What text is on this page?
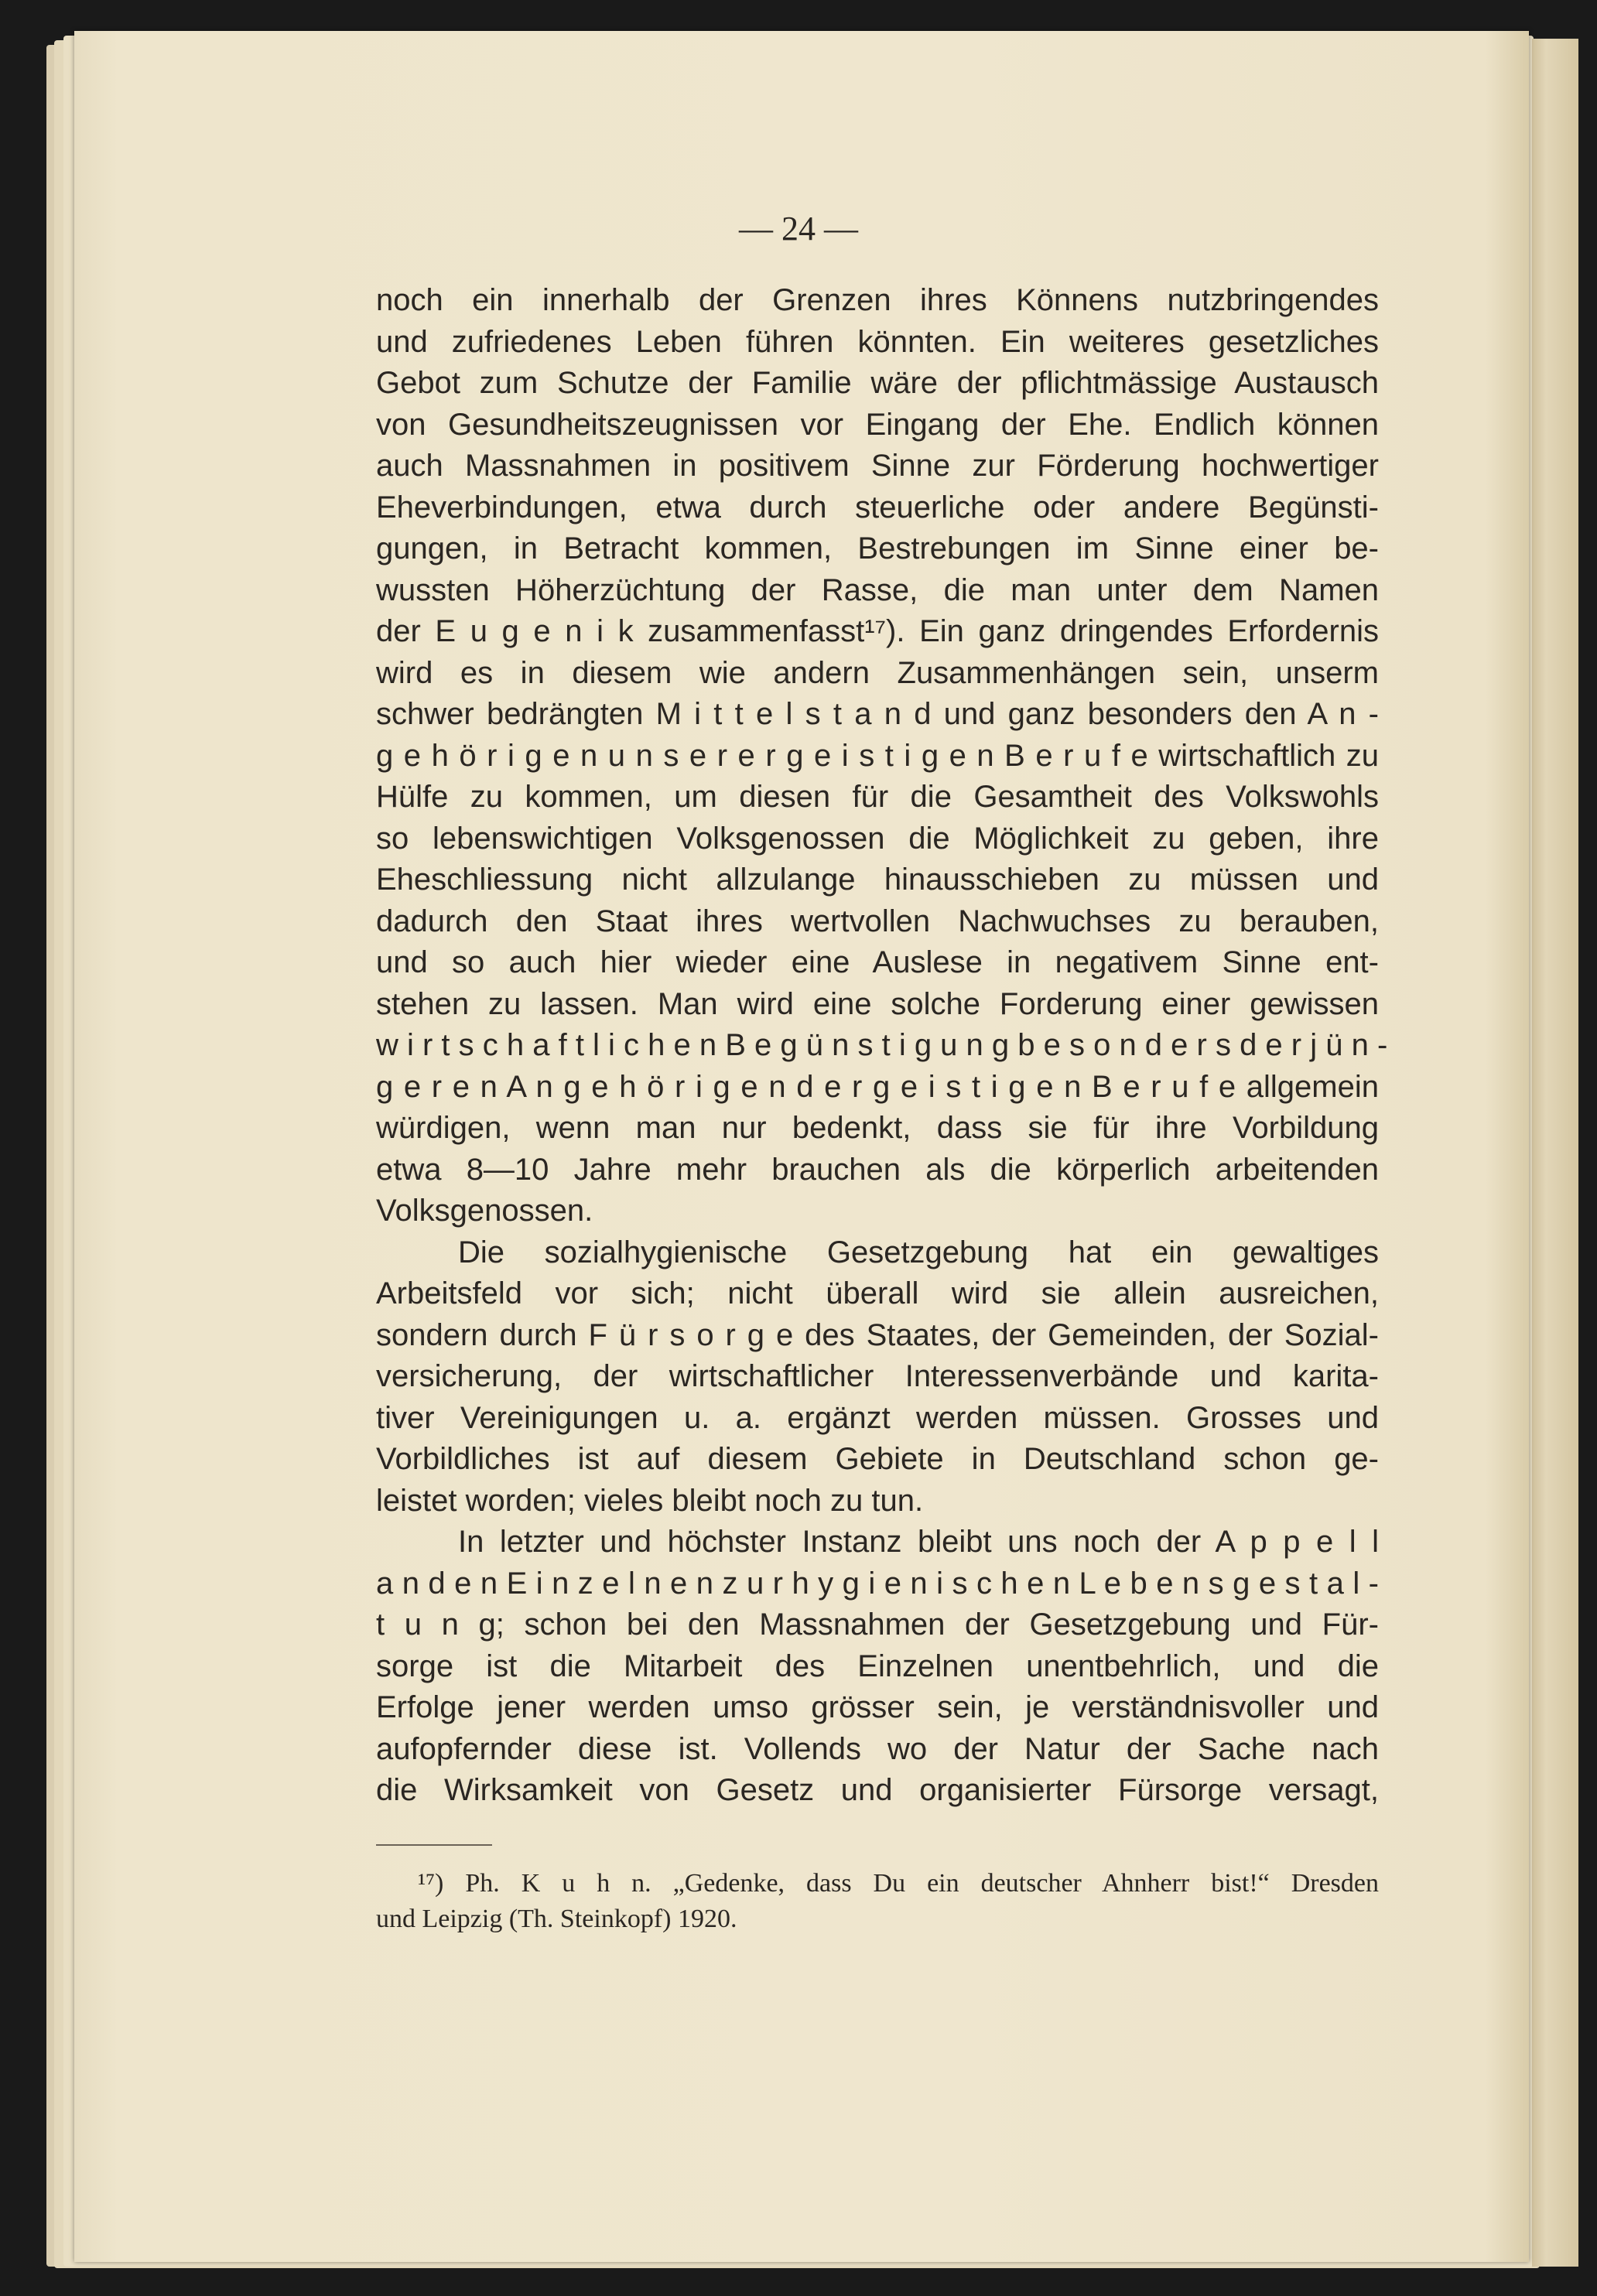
— 24 —
noch ein innerhalb der Grenzen ihres Könnens nutzbringendes
und zufriedenes Leben führen könnten. Ein weiteres gesetzliches
Gebot zum Schutze der Familie wäre der pflichtmässige Austausch
von Gesundheitszeugnissen vor Eingang der Ehe. Endlich können
auch Massnahmen in positivem Sinne zur Förderung hochwertiger
Eheverbindungen, etwa durch steuerliche oder andere Begünsti-
gungen, in Betracht kommen, Bestrebungen im Sinne einer be-
wussten Höherzüchtung der Rasse, die man unter dem Namen
der E u g e n i k zusammenfasst¹⁷). Ein ganz dringendes Erfordernis
wird es in diesem wie andern Zusammenhängen sein, unserm
schwer bedrängten M i t t e l s t a n d und ganz besonders den A n -
g e h ö r i g e n u n s e r e r g e i s t i g e n B e r u f e wirtschaftlich zu
Hülfe zu kommen, um diesen für die Gesamtheit des Volkswohls
so lebenswichtigen Volksgenossen die Möglichkeit zu geben, ihre
Eheschliessung nicht allzulange hinausschieben zu müssen und
dadurch den Staat ihres wertvollen Nachwuchses zu berauben,
und so auch hier wieder eine Auslese in negativem Sinne ent-
stehen zu lassen. Man wird eine solche Forderung einer gewissen
w i r t s c h a f t l i c h e n B e g ü n s t i g u n g b e s o n d e r s d e r j ü n -
g e r e n A n g e h ö r i g e n d e r g e i s t i g e n B e r u f e allgemein
würdigen, wenn man nur bedenkt, dass sie für ihre Vorbildung
etwa 8—10 Jahre mehr brauchen als die körperlich arbeitenden
Volksgenossen.
Die sozialhygienische Gesetzgebung hat ein gewaltiges
Arbeitsfeld vor sich; nicht überall wird sie allein ausreichen,
sondern durch F ü r s o r g e des Staates, der Gemeinden, der Sozial-
versicherung, der wirtschaftlicher Interessenverbände und karita-
tiver Vereinigungen u. a. ergänzt werden müssen. Grosses und
Vorbildliches ist auf diesem Gebiete in Deutschland schon ge-
leistet worden; vieles bleibt noch zu tun.
In letzter und höchster Instanz bleibt uns noch der A p p e l l
a n d e n E i n z e l n e n z u r h y g i e n i s c h e n L e b e n s g e s t a l -
t u n g; schon bei den Massnahmen der Gesetzgebung und Für-
sorge ist die Mitarbeit des Einzelnen unentbehrlich, und die
Erfolge jener werden umso grösser sein, je verständnisvoller und
aufopfernder diese ist. Vollends wo der Natur der Sache nach
die Wirksamkeit von Gesetz und organisierter Fürsorge versagt,
¹⁷) Ph. K u h n. „Gedenke, dass Du ein deutscher Ahnherr bist!“ Dresden
und Leipzig (Th. Steinkopf) 1920.
